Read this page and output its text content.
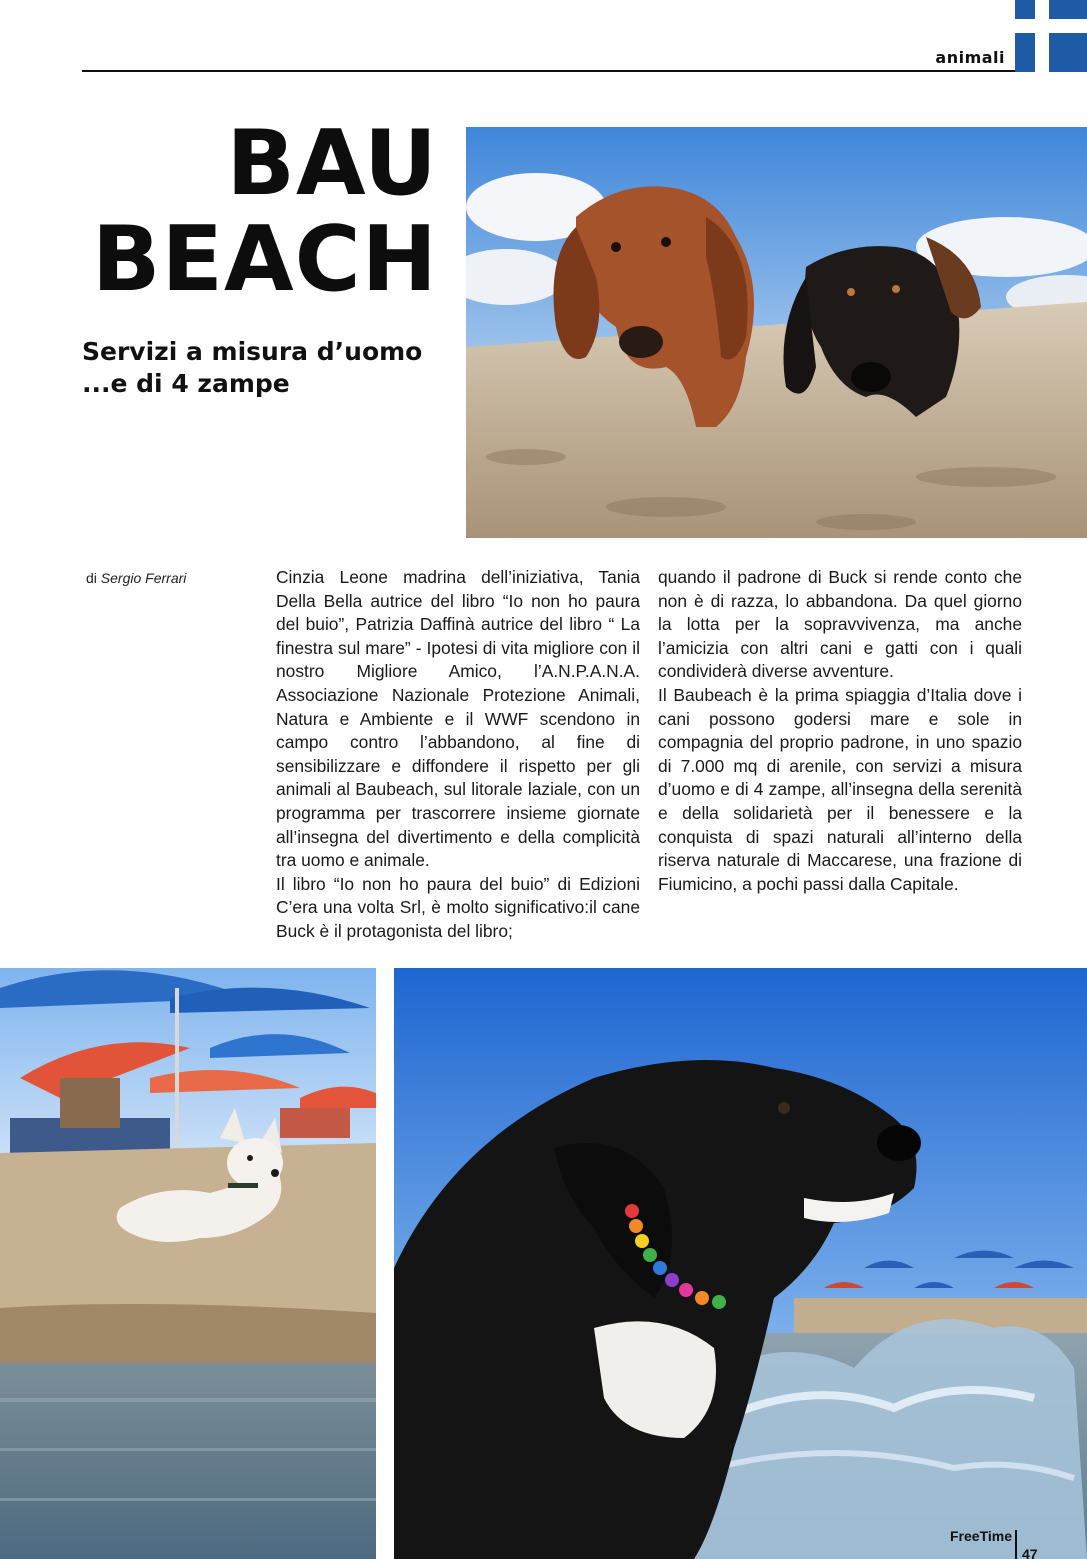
animali
BAU
BEACH
Servizi a misura d’uomo
...e di 4 zampe
di Sergio Ferrari	Cinzia Leone madrina dell’iniziativa, Tania Della Bella autrice del libro “Io non ho paura del buio”, Patrizia Daffinà autrice del libro “ La finestra sul mare” - Ipotesi di vita migliore con il nostro Migliore Amico, l’A.N.P.A.N.A. Associazione Nazionale Protezione Animali, Natura e Ambiente e il WWF scendono in campo contro l’abbandono, al fine di sensibilizzare e diffondere il rispetto per gli animali al Baubeach, sul litorale laziale, con un programma per trascorrere insieme giornate all’insegna del divertimento e della complicità tra uomo e animale.

Il libro “Io non ho paura del buio” di Edizioni C’era una volta Srl, è molto significativo:il cane Buck è il protagonista del libro;

quando il padrone di Buck si rende conto che non è di razza, lo abbandona. Da quel giorno la lotta per la sopravvivenza, ma anche l’amicizia con altri cani e gatti con i quali condividerà diverse avventure.

Il Baubeach è la prima spiaggia d’Italia dove i cani possono godersi mare e sole in compagnia del proprio padrone, in uno spazio di 7.000 mq di arenile, con servizi a misura d’uomo e di 4 zampe, all’insegna della serenità e della solidarietà per il benessere e la conquista di spazi naturali all’interno della riserva naturale di Maccarese, una frazione di Fiumicino, a pochi passi dalla Capitale.

FreeTime
47
